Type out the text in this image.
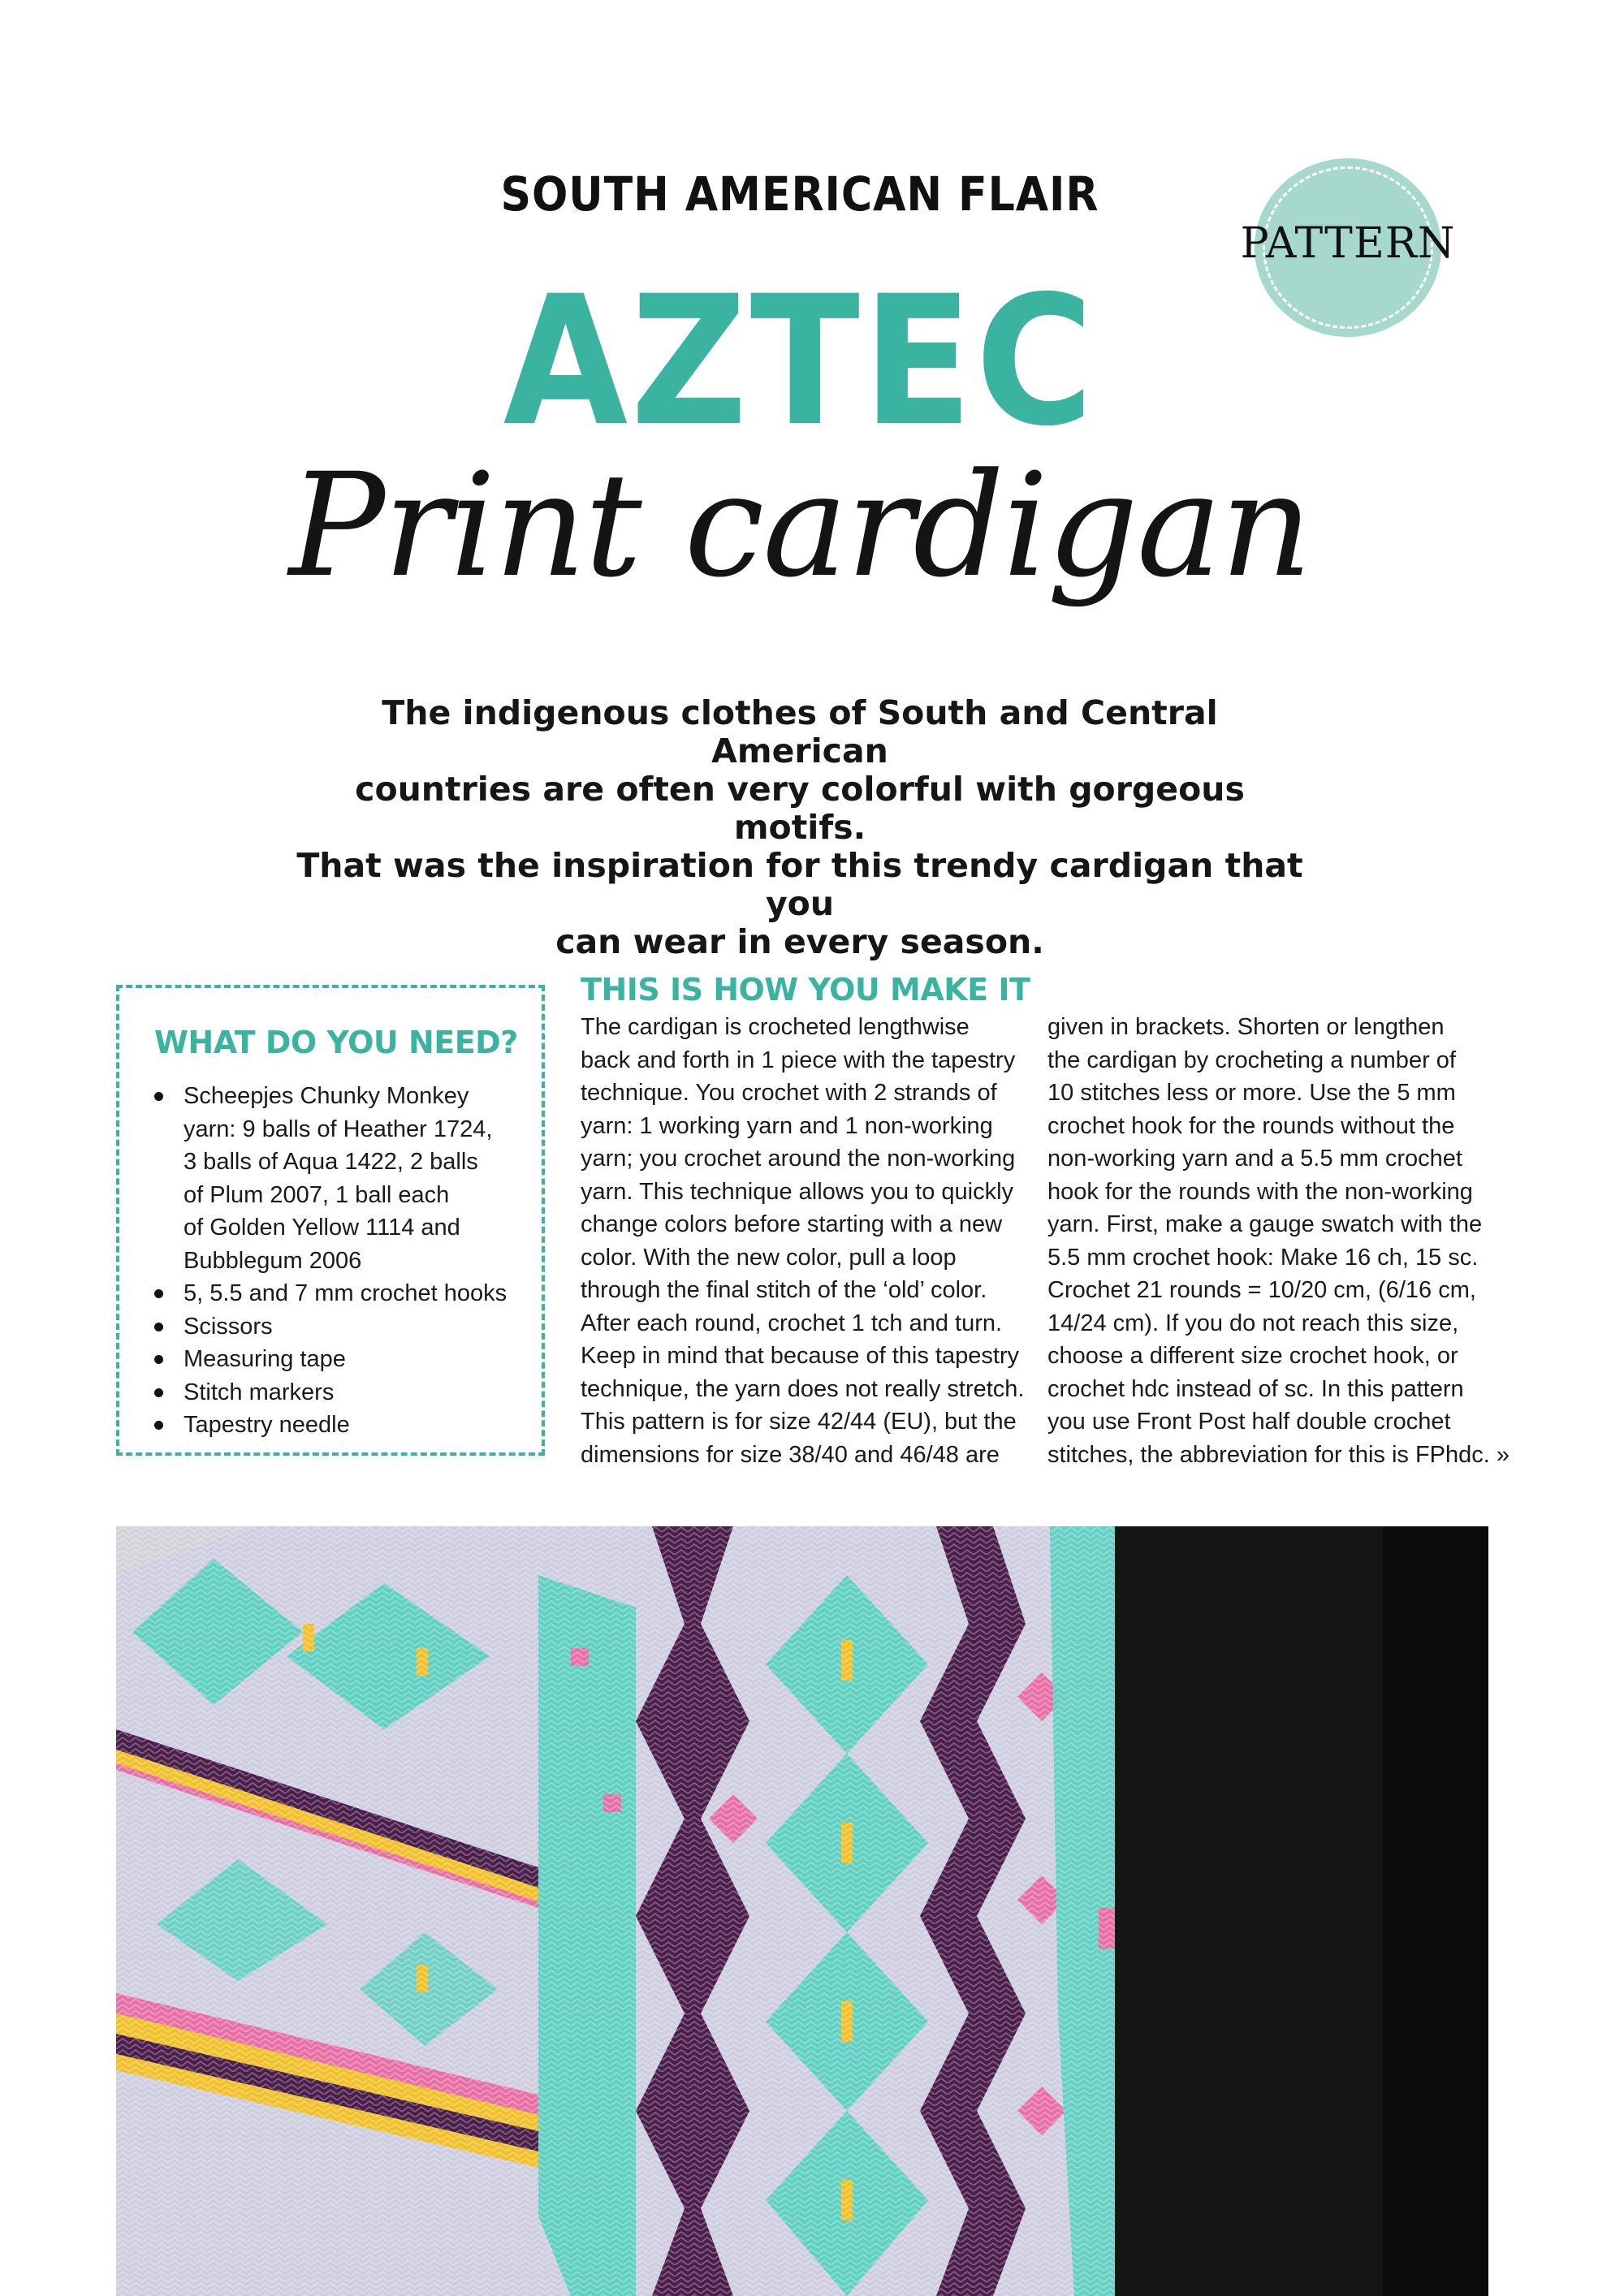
SOUTH AMERICAN FLAIR
PATTERN
AZTEC
Print cardigan
The indigenous clothes of South and Central American
countries are often very colorful with gorgeous motifs.
That was the inspiration for this trendy cardigan that you
can wear in every season.
WHAT DO YOU NEED?
Scheepjes Chunky Monkey
yarn: 9 balls of Heather 1724,
3 balls of Aqua 1422, 2 balls
of Plum 2007, 1 ball each
of Golden Yellow 1114 and
Bubblegum 2006
5, 5.5 and 7 mm crochet hooks
Scissors
Measuring tape
Stitch markers
Tapestry needle
THIS IS HOW YOU MAKE IT
The cardigan is crocheted lengthwise
back and forth in 1 piece with the tapestry
technique. You crochet with 2 strands of
yarn: 1 working yarn and 1 non-working
yarn; you crochet around the non-working
yarn. This technique allows you to quickly
change colors before starting with a new
color. With the new color, pull a loop
through the final stitch of the ‘old’ color.
After each round, crochet 1 tch and turn.
Keep in mind that because of this tapestry
technique, the yarn does not really stretch.
This pattern is for size 42/44 (EU), but the
dimensions for size 38/40 and 46/48 are
given in brackets. Shorten or lengthen
the cardigan by crocheting a number of
10 stitches less or more. Use the 5 mm
crochet hook for the rounds without the
non-working yarn and a 5.5 mm crochet
hook for the rounds with the non-working
yarn. First, make a gauge swatch with the
5.5 mm crochet hook: Make 16 ch, 15 sc.
Crochet 21 rounds = 10/20 cm, (6/16 cm,
14/24 cm). If you do not reach this size,
choose a different size crochet hook, or
crochet hdc instead of sc. In this pattern
you use Front Post half double crochet
stitches, the abbreviation for this is FPhdc. »
